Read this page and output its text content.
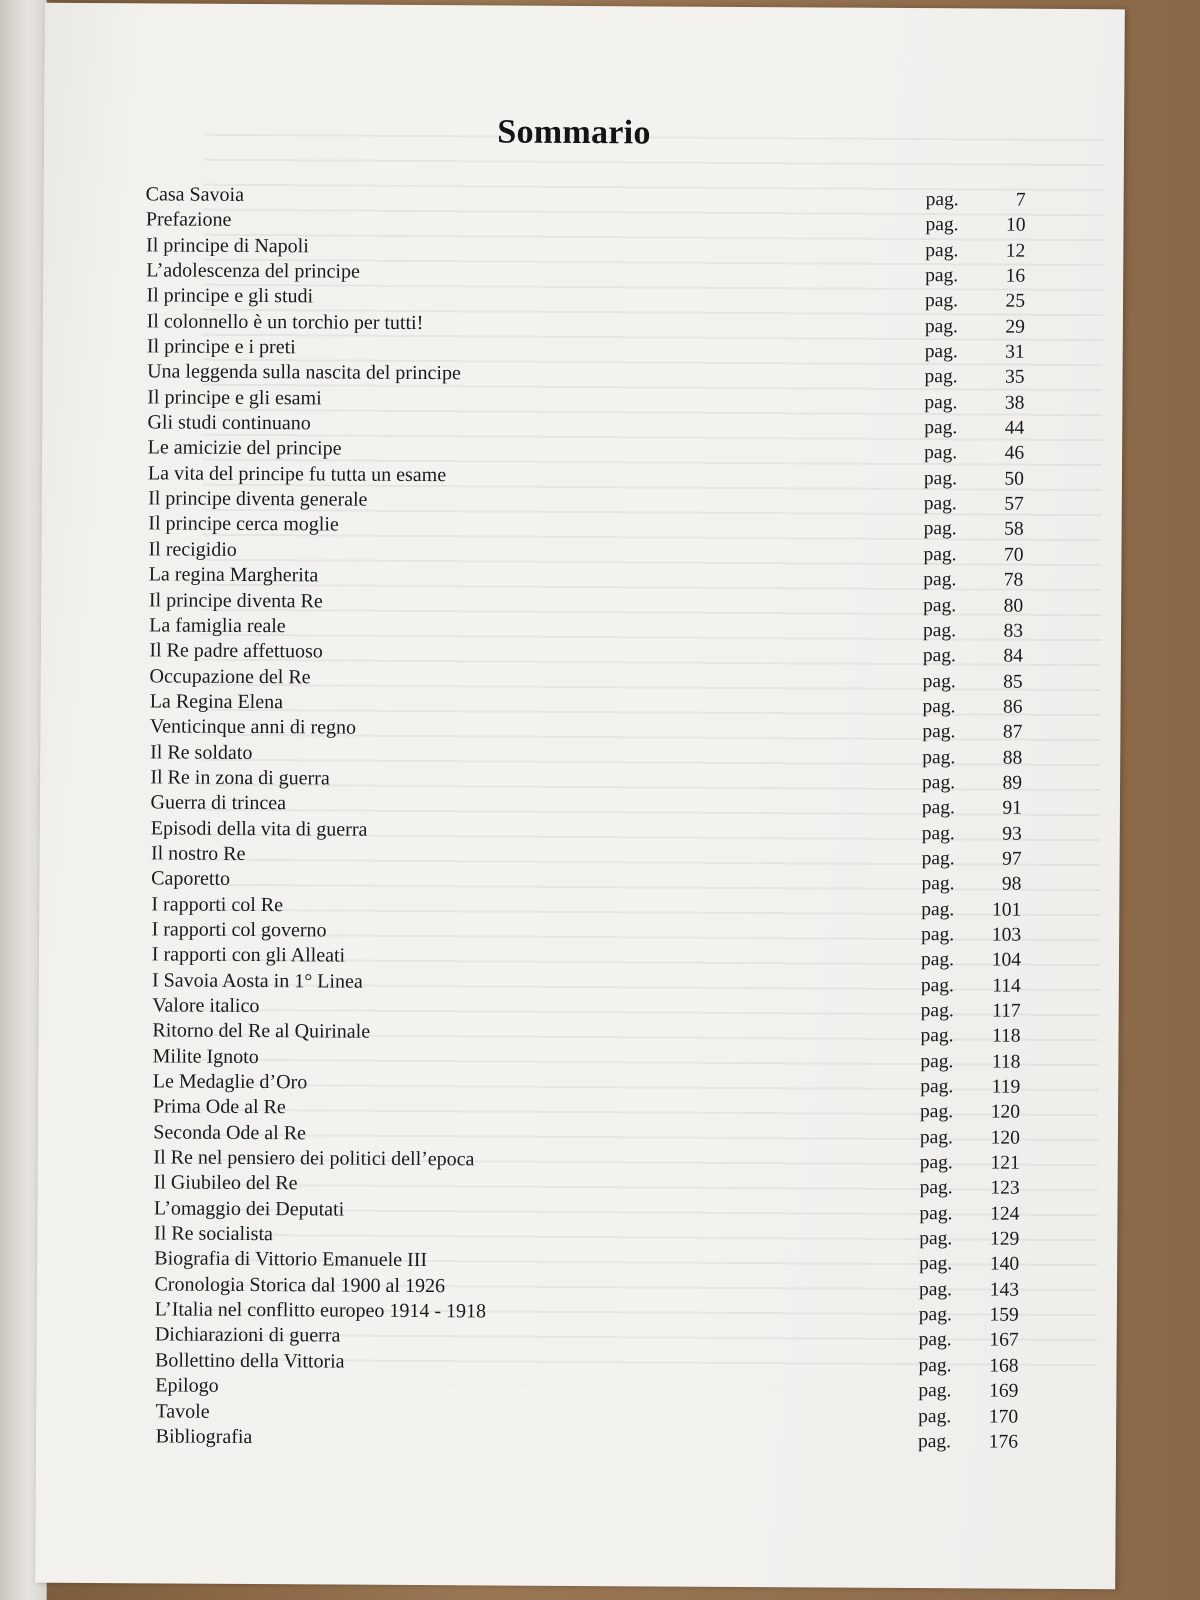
Sommario
Casa Savoia	pag.	7
Prefazione	pag.	10
Il principe di Napoli	pag.	12
L’adolescenza del principe	pag.	16
Il principe e gli studi	pag.	25
Il colonnello è un torchio per tutti!	pag.	29
Il principe e i preti	pag.	31
Una leggenda sulla nascita del principe	pag.	35
Il principe e gli esami	pag.	38
Gli studi continuano	pag.	44
Le amicizie del principe	pag.	46
La vita del principe fu tutta un esame	pag.	50
Il principe diventa generale	pag.	57
Il principe cerca moglie	pag.	58
Il recigidio	pag.	70
La regina Margherita	pag.	78
Il principe diventa Re	pag.	80
La famiglia reale	pag.	83
Il Re padre affettuoso	pag.	84
Occupazione del Re	pag.	85
La Regina Elena	pag.	86
Venticinque anni di regno	pag.	87
Il Re soldato	pag.	88
Il Re in zona di guerra	pag.	89
Guerra di trincea	pag.	91
Episodi della vita di guerra	pag.	93
Il nostro Re	pag.	97
Caporetto	pag.	98
I rapporti col Re	pag.	101
I rapporti col governo	pag.	103
I rapporti con gli Alleati	pag.	104
I Savoia Aosta in 1° Linea	pag.	114
Valore italico	pag.	117
Ritorno del Re al Quirinale	pag.	118
Milite Ignoto	pag.	118
Le Medaglie d’Oro	pag.	119
Prima Ode al Re	pag.	120
Seconda Ode al Re	pag.	120
Il Re nel pensiero dei politici dell’epoca	pag.	121
Il Giubileo del Re	pag.	123
L’omaggio dei Deputati	pag.	124
Il Re socialista	pag.	129
Biografia di Vittorio Emanuele III	pag.	140
Cronologia Storica dal 1900 al 1926	pag.	143
L’Italia nel conflitto europeo 1914 - 1918	pag.	159
Dichiarazioni di guerra	pag.	167
Bollettino della Vittoria	pag.	168
Epilogo	pag.	169
Tavole	pag.	170
Bibliografia	pag.	176
